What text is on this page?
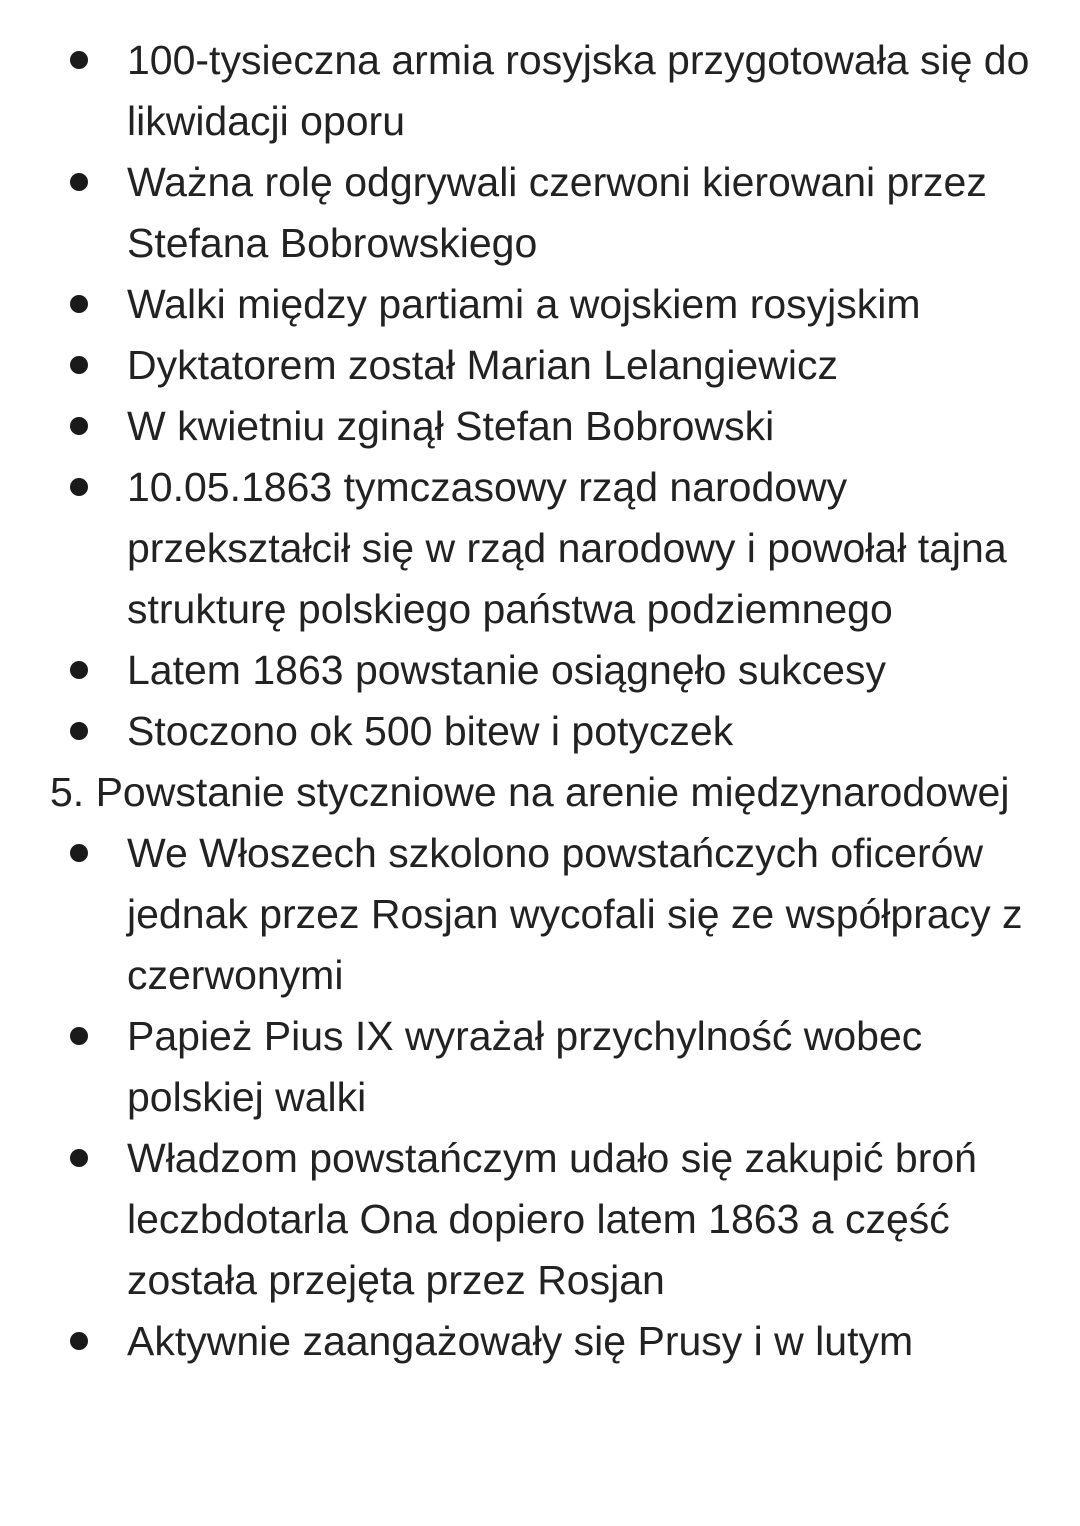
100-tysieczna armia rosyjska przygotowała się do likwidacji oporu
Ważna rolę odgrywali czerwoni kierowani przez Stefana Bobrowskiego
Walki między partiami a wojskiem rosyjskim
Dyktatorem został Marian Lelangiewicz
W kwietniu zginął Stefan Bobrowski
10.05.1863 tymczasowy rząd narodowy przekształcił się w rząd narodowy i powołał tajna strukturę polskiego państwa podziemnego
Latem 1863 powstanie osiągnęło sukcesy
Stoczono ok 500 bitew i potyczek
5. Powstanie styczniowe na arenie międzynarodowej
We Włoszech szkolono powstańczych oficerów jednak przez Rosjan wycofali się ze współpracy z czerwonymi
Papież Pius IX wyrażał przychylność wobec polskiej walki
Władzom powstańczym udało się zakupić broń leczbdotarla Ona dopiero latem 1863 a część została przejęta przez Rosjan
Aktywnie zaangażowały się Prusy i w lutym
